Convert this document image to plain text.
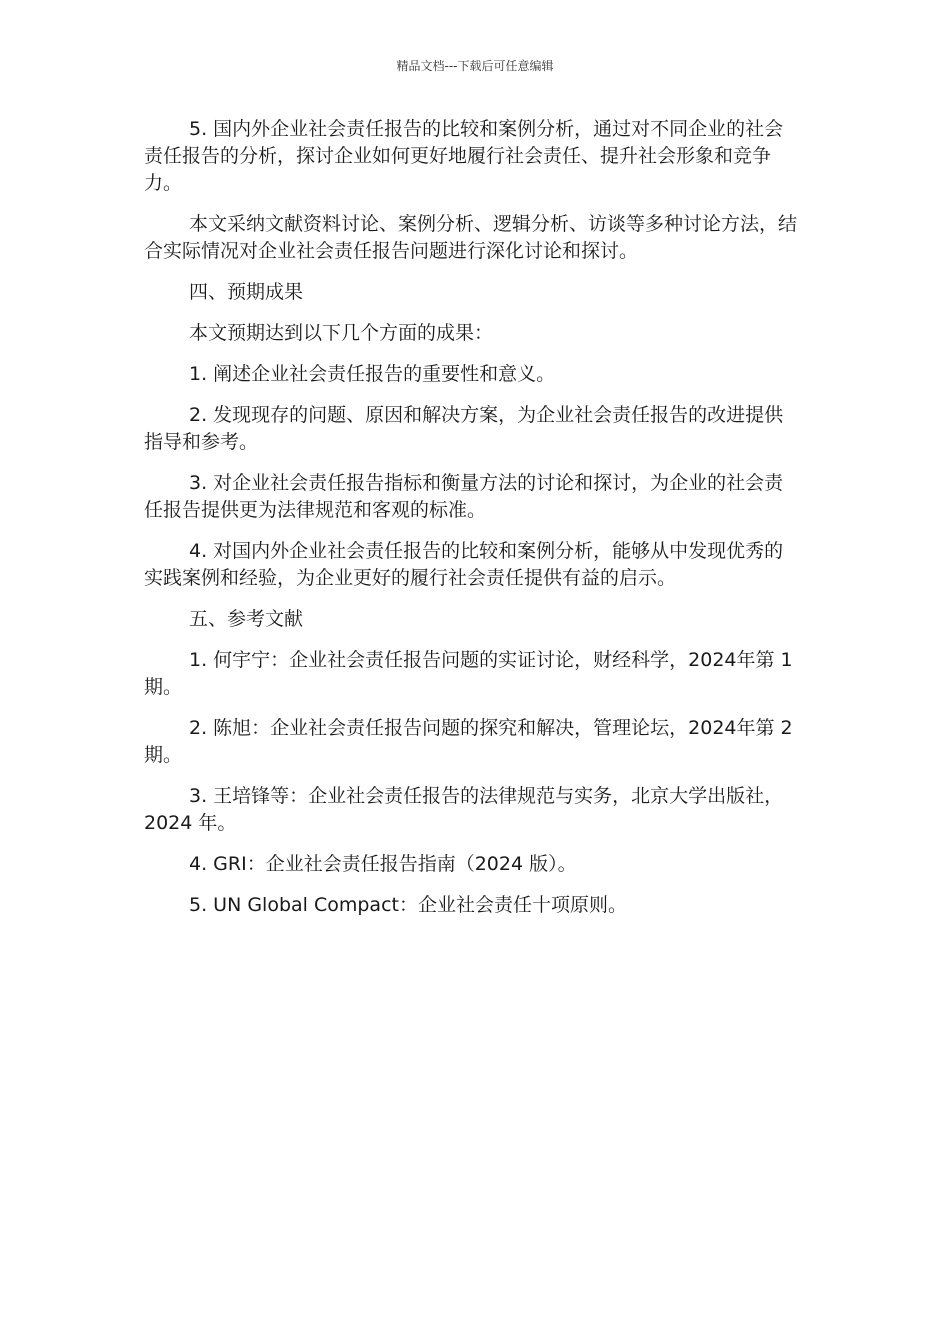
精品文档---下载后可任意编辑

5. 国内外企业社会责任报告的比较和案例分析，通过对不同企业的社会责任报告的分析，探讨企业如何更好地履行社会责任、提升社会形象和竞争力。

本文采纳文献资料讨论、案例分析、逻辑分析、访谈等多种讨论方法，结合实际情况对企业社会责任报告问题进行深化讨论和探讨。

四、预期成果

本文预期达到以下几个方面的成果：

1. 阐述企业社会责任报告的重要性和意义。

2. 发现现存的问题、原因和解决方案，为企业社会责任报告的改进提供指导和参考。

3. 对企业社会责任报告指标和衡量方法的讨论和探讨，为企业的社会责任报告提供更为法律规范和客观的标准。

4. 对国内外企业社会责任报告的比较和案例分析，能够从中发现优秀的实践案例和经验，为企业更好的履行社会责任提供有益的启示。

五、参考文献

1. 何宇宁：企业社会责任报告问题的实证讨论，财经科学，2024年第 1 期。

2. 陈旭：企业社会责任报告问题的探究和解决，管理论坛，2024年第 2 期。

3. 王培锋等：企业社会责任报告的法律规范与实务，北京大学出版社，2024 年。

4. GRI：企业社会责任报告指南（2024 版）。

5. UN Global Compact：企业社会责任十项原则。
